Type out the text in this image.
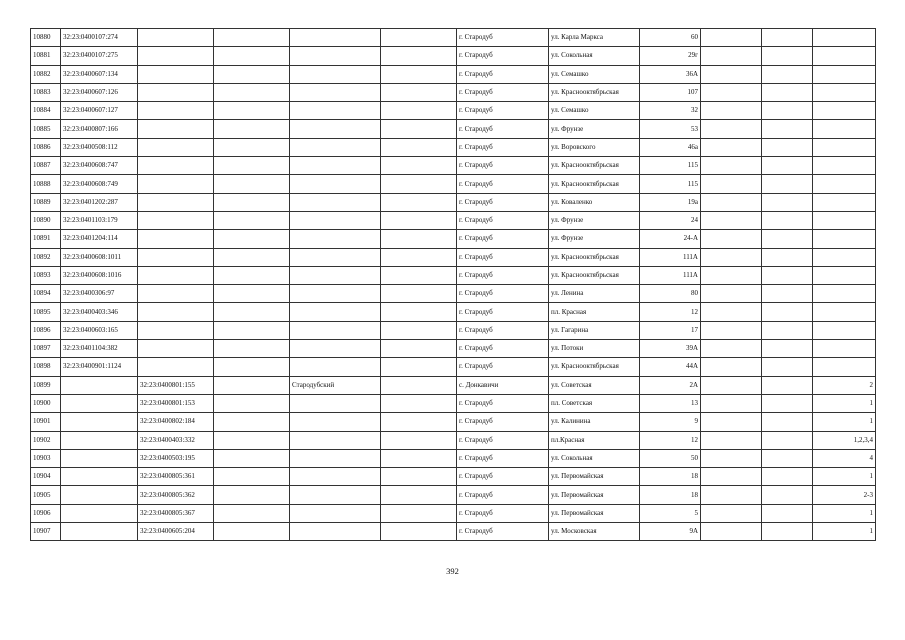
10880	32:23:0400107:274					г. Стародуб	ул. Карла Маркса	60			
10881	32:23:0400107:275					г. Стародуб	ул. Сокольная	29г			
10882	32:23:0400607:134					г. Стародуб	ул. Семашко	36А			
10883	32:23:0400607:126					г. Стародуб	ул. Красноoктябрьская	107			
10884	32:23:0400607:127					г. Стародуб	ул. Семашко	32			
10885	32:23:0400807:166					г. Стародуб	ул. Фрунзе	53			
10886	32:23:0400508:112					г. Стародуб	ул. Воровского	46а			
10887	32:23:0400608:747					г. Стародуб	ул. Красноoктябрьская	115			
10888	32:23:0400608:749					г. Стародуб	ул. Красноoктябрьская	115			
10889	32:23:0401202:287					г. Стародуб	ул. Коваленко	19а			
10890	32:23:0401103:179					г. Стародуб	ул. Фрунзе	24			
10891	32:23:0401204:114					г. Стародуб	ул. Фрунзе	24-А			
10892	32:23:0400608:1011					г. Стародуб	ул. Красноoктябрьская	111А			
10893	32:23:0400608:1016					г. Стародуб	ул. Красноoктябрьская	111А			
10894	32:23:0400306:97					г. Стародуб	ул. Ленина	80			
10895	32:23:0400403:346					г. Стародуб	пл. Красная	12			
10896	32:23:0400603:165					г. Стародуб	ул. Гагарина	17			
10897	32:23:0401104:382					г. Стародуб	ул. Потоки	39А			
10898	32:23:0400901:1124					г. Стародуб	ул. Красноoктябрьская	44А			
10899		32:23:0400801:155		Стародубский		с. Донкавичи	ул. Советская	2А			2
10900		32:23:0400801:153				г. Стародуб	пл. Советская	13			1
10901		32:23:0400802:184				г. Стародуб	ул. Калинина	9			1
10902		32:23:0400403:332				г. Стародуб	пл.Красная	12			1,2,3,4
10903		32:23:0400503:195				г. Стародуб	ул. Сокольная	50			4
10904		32:23:0400805:361				г. Стародуб	ул. Первомайская	18			1
10905		32:23:0400805:362				г. Стародуб	ул. Первомайская	18			2-3
10906		32:23:0400805:367				г. Стародуб	ул. Первомайская	5			1
10907		32:23:0400605:204				г. Стародуб	ул. Московская	9А			1
392
